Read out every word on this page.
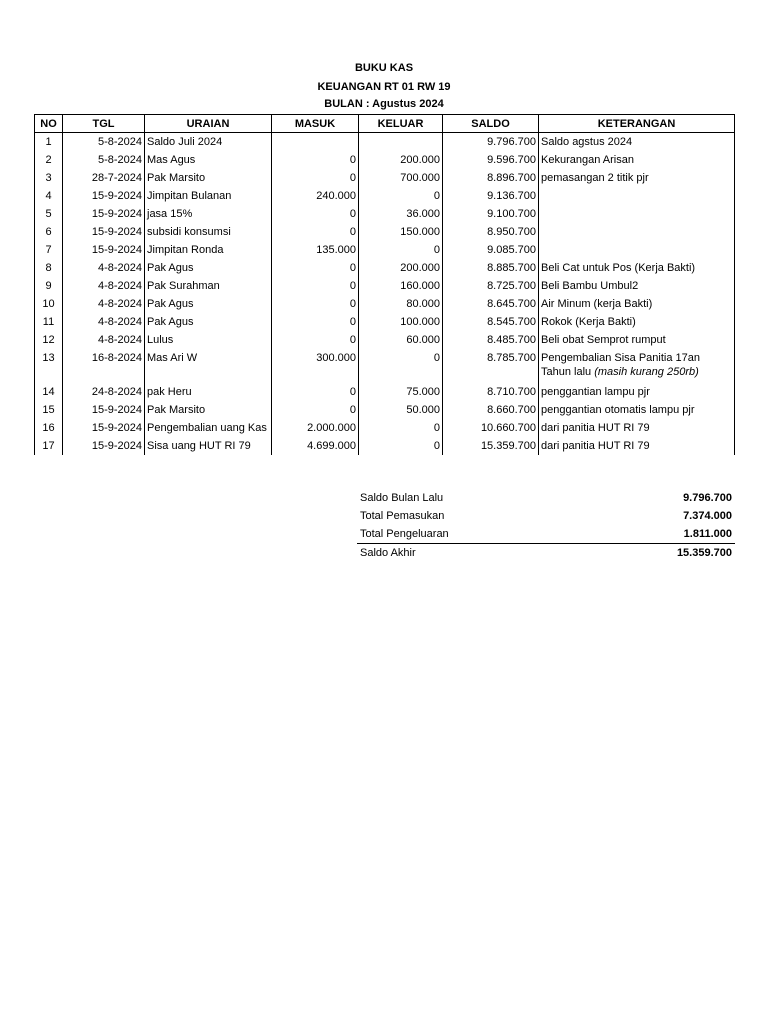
BUKU KAS
KEUANGAN RT 01 RW 19
BULAN : Agustus 2024
NO	TGL	URAIAN	MASUK	KELUAR	SALDO	KETERANGAN
1	5-8-2024	Saldo Juli 2024			9.796.700	Saldo agstus 2024
2	5-8-2024	Mas Agus	0	200.000	9.596.700	Kekurangan Arisan
3	28-7-2024	Pak Marsito	0	700.000	8.896.700	pemasangan 2 titik pjr
4	15-9-2024	Jimpitan Bulanan	240.000	0	9.136.700	
5	15-9-2024	jasa 15%	0	36.000	9.100.700	
6	15-9-2024	subsidi konsumsi	0	150.000	8.950.700	
7	15-9-2024	Jimpitan Ronda	135.000	0	9.085.700	
8	4-8-2024	Pak Agus	0	200.000	8.885.700	Beli Cat untuk Pos (Kerja Bakti)
9	4-8-2024	Pak Surahman	0	160.000	8.725.700	Beli Bambu Umbul2
10	4-8-2024	Pak Agus	0	80.000	8.645.700	Air Minum (kerja Bakti)
11	4-8-2024	Pak Agus	0	100.000	8.545.700	Rokok (Kerja Bakti)
12	4-8-2024	Lulus	0	60.000	8.485.700	Beli obat Semprot rumput
13	16-8-2024	Mas Ari W	300.000	0	8.785.700	Pengembalian Sisa Panitia 17an Tahun lalu (masih kurang 250rb)
14	24-8-2024	pak Heru	0	75.000	8.710.700	penggantian lampu pjr
15	15-9-2024	Pak Marsito	0	50.000	8.660.700	penggantian otomatis lampu pjr
16	15-9-2024	Pengembalian uang Kas	2.000.000	0	10.660.700	dari panitia HUT RI 79
17	15-9-2024	Sisa uang HUT RI 79	4.699.000	0	15.359.700	dari panitia HUT RI 79
Saldo Bulan Lalu	9.796.700
Total Pemasukan	7.374.000
Total Pengeluaran	1.811.000
Saldo Akhir	15.359.700
